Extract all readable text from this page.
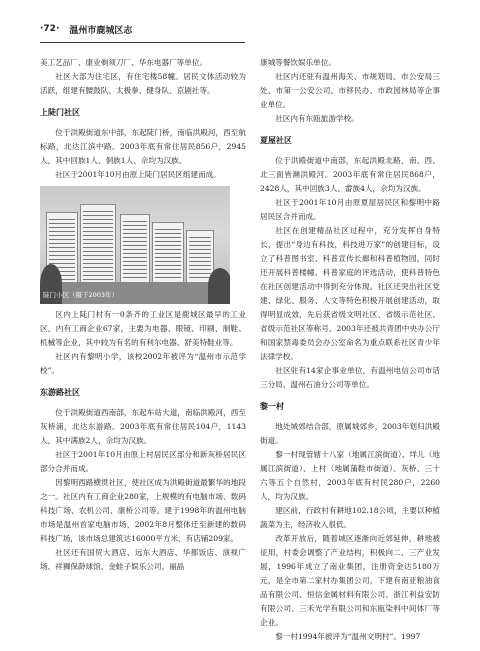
·72· 温州市鹿城区志

美工艺品厂、康业剃须刀厂、华东电器厂等单位。

社区大部为住宅区，有住宅楼58幢。居民文体活动较为活跃，组建有腰鼓队、太极拳、健身队、京剧社等。

上陡门社区

位于洪殿街道东中部，东起陡门桥，南临洪殿河，西至航标路，北达江滨中路。2003年底有常住居民856户，2945人，其中回族1人、侗族1人、佘均为汉族。

社区于2001年10月由原上陡门居民区组建而成。

陡门小区（摄于2003年）

区内上陡门村有一0条齐的工业区是鹿城区最早的工业区，内有工商企业67家，主要为电器、眼镜、印刷、制鞋、机械等企业，其中较为有名的有利尔电器、舒美特鞋业等。

社区内有黎明小学，该校2002年被评为“温州市示范学校”。

东游路社区

位于洪殿街道西南部，东起车站大道，南临洪殿河，西至灰桥浦，北达东游路。2003年底有常住居民104户，1143人，其中满族2人，佘均为汉族。

社区于2001年10月由原上村居民区部分和新灰桥居民区部分合并而成。

因黎明西路横贯社区，使社区成为洪殿街道最繁华的地段之一。社区内有工商企业280家，上规模的有电脑市场、数码科技广场、农机公司、康桥公司等。建于1998年的温州电脑市场是温州首家电脑市场，2002年8月整体迁至新建的数码科技广场，该市场总建筑达16000平方米，有店铺209家。

社区还有国贸大酒店、远东大酒店、华都饭店、演视广场、祥狮保龄球馆、金蛙子娱乐公司、丽晶

康城等餐饮娱乐单位。

社区内还驻有温州海关、市规划局、市公安局三处、市第一公安公司、市移民办、市政园林局等企事业单位。

社区内有东瓯旅游学校。

夏屋社区

位于洪殿街道中南部，东起洪殿北路，南、西、北三面皆濒洪殿河。2003年底有常住居民868户，2428人，其中回族3人、畲族4人，佘均为汉族。

社区于2001年10月由原夏屋居民区和黎明中路居民区合并而成。

社区在创建精品社区过程中，充分发挥自身特长，提出“身边有科技，科技进万家”的创建目标，设立了科普图书室、科普宣传长廊和科普植物园，同时还开展科普楼幢、科普家庭的评选活动，使科普特色在社区创建活动中得到充分体现。社区还突出社区党建、绿化、服务、人文等特色积极开展创建活动，取得明显成效，先后获省级文明社区、省级示范社区、省级示范社区等称号。2003年还被共青团中央办公厅和国家禁毒委员会办公室命名为重点联系社区青少年法律学校。

社区驻有14家企事业单位，有温州电信公司市话三分局、温州石油分公司等单位。

黎一村

地处城郊结合部，原属城郊乡，2003年划归洪殿街道。

黎一村现管辖十八家（地属江滨街道）、垟儿（地属江滨街道）、上村（地属蒲鞋市街道）、灰桥、三十六等五个自然村，2003年底有村民280户，2260人，均为汉族。

建区前，行政村有耕地102.18公顷，主要以种植蔬菜为主，经济收入很低。

改革开放后，随着城区逐渐向近郊延伸，耕地被征用，村委会调整了产业结构，积极向二、三产业发展，1996年成立了南业集团，注册资金达5180万元，是全市第二家村办集团公司，下建有南亚粮油食品有限公司、恒信金属材料有限公司、浙江利益安防有限公司、三禾光学有限公司和东瓯染料中间体厂等企业。

黎一村1994年被评为“温州文明村”。1997
